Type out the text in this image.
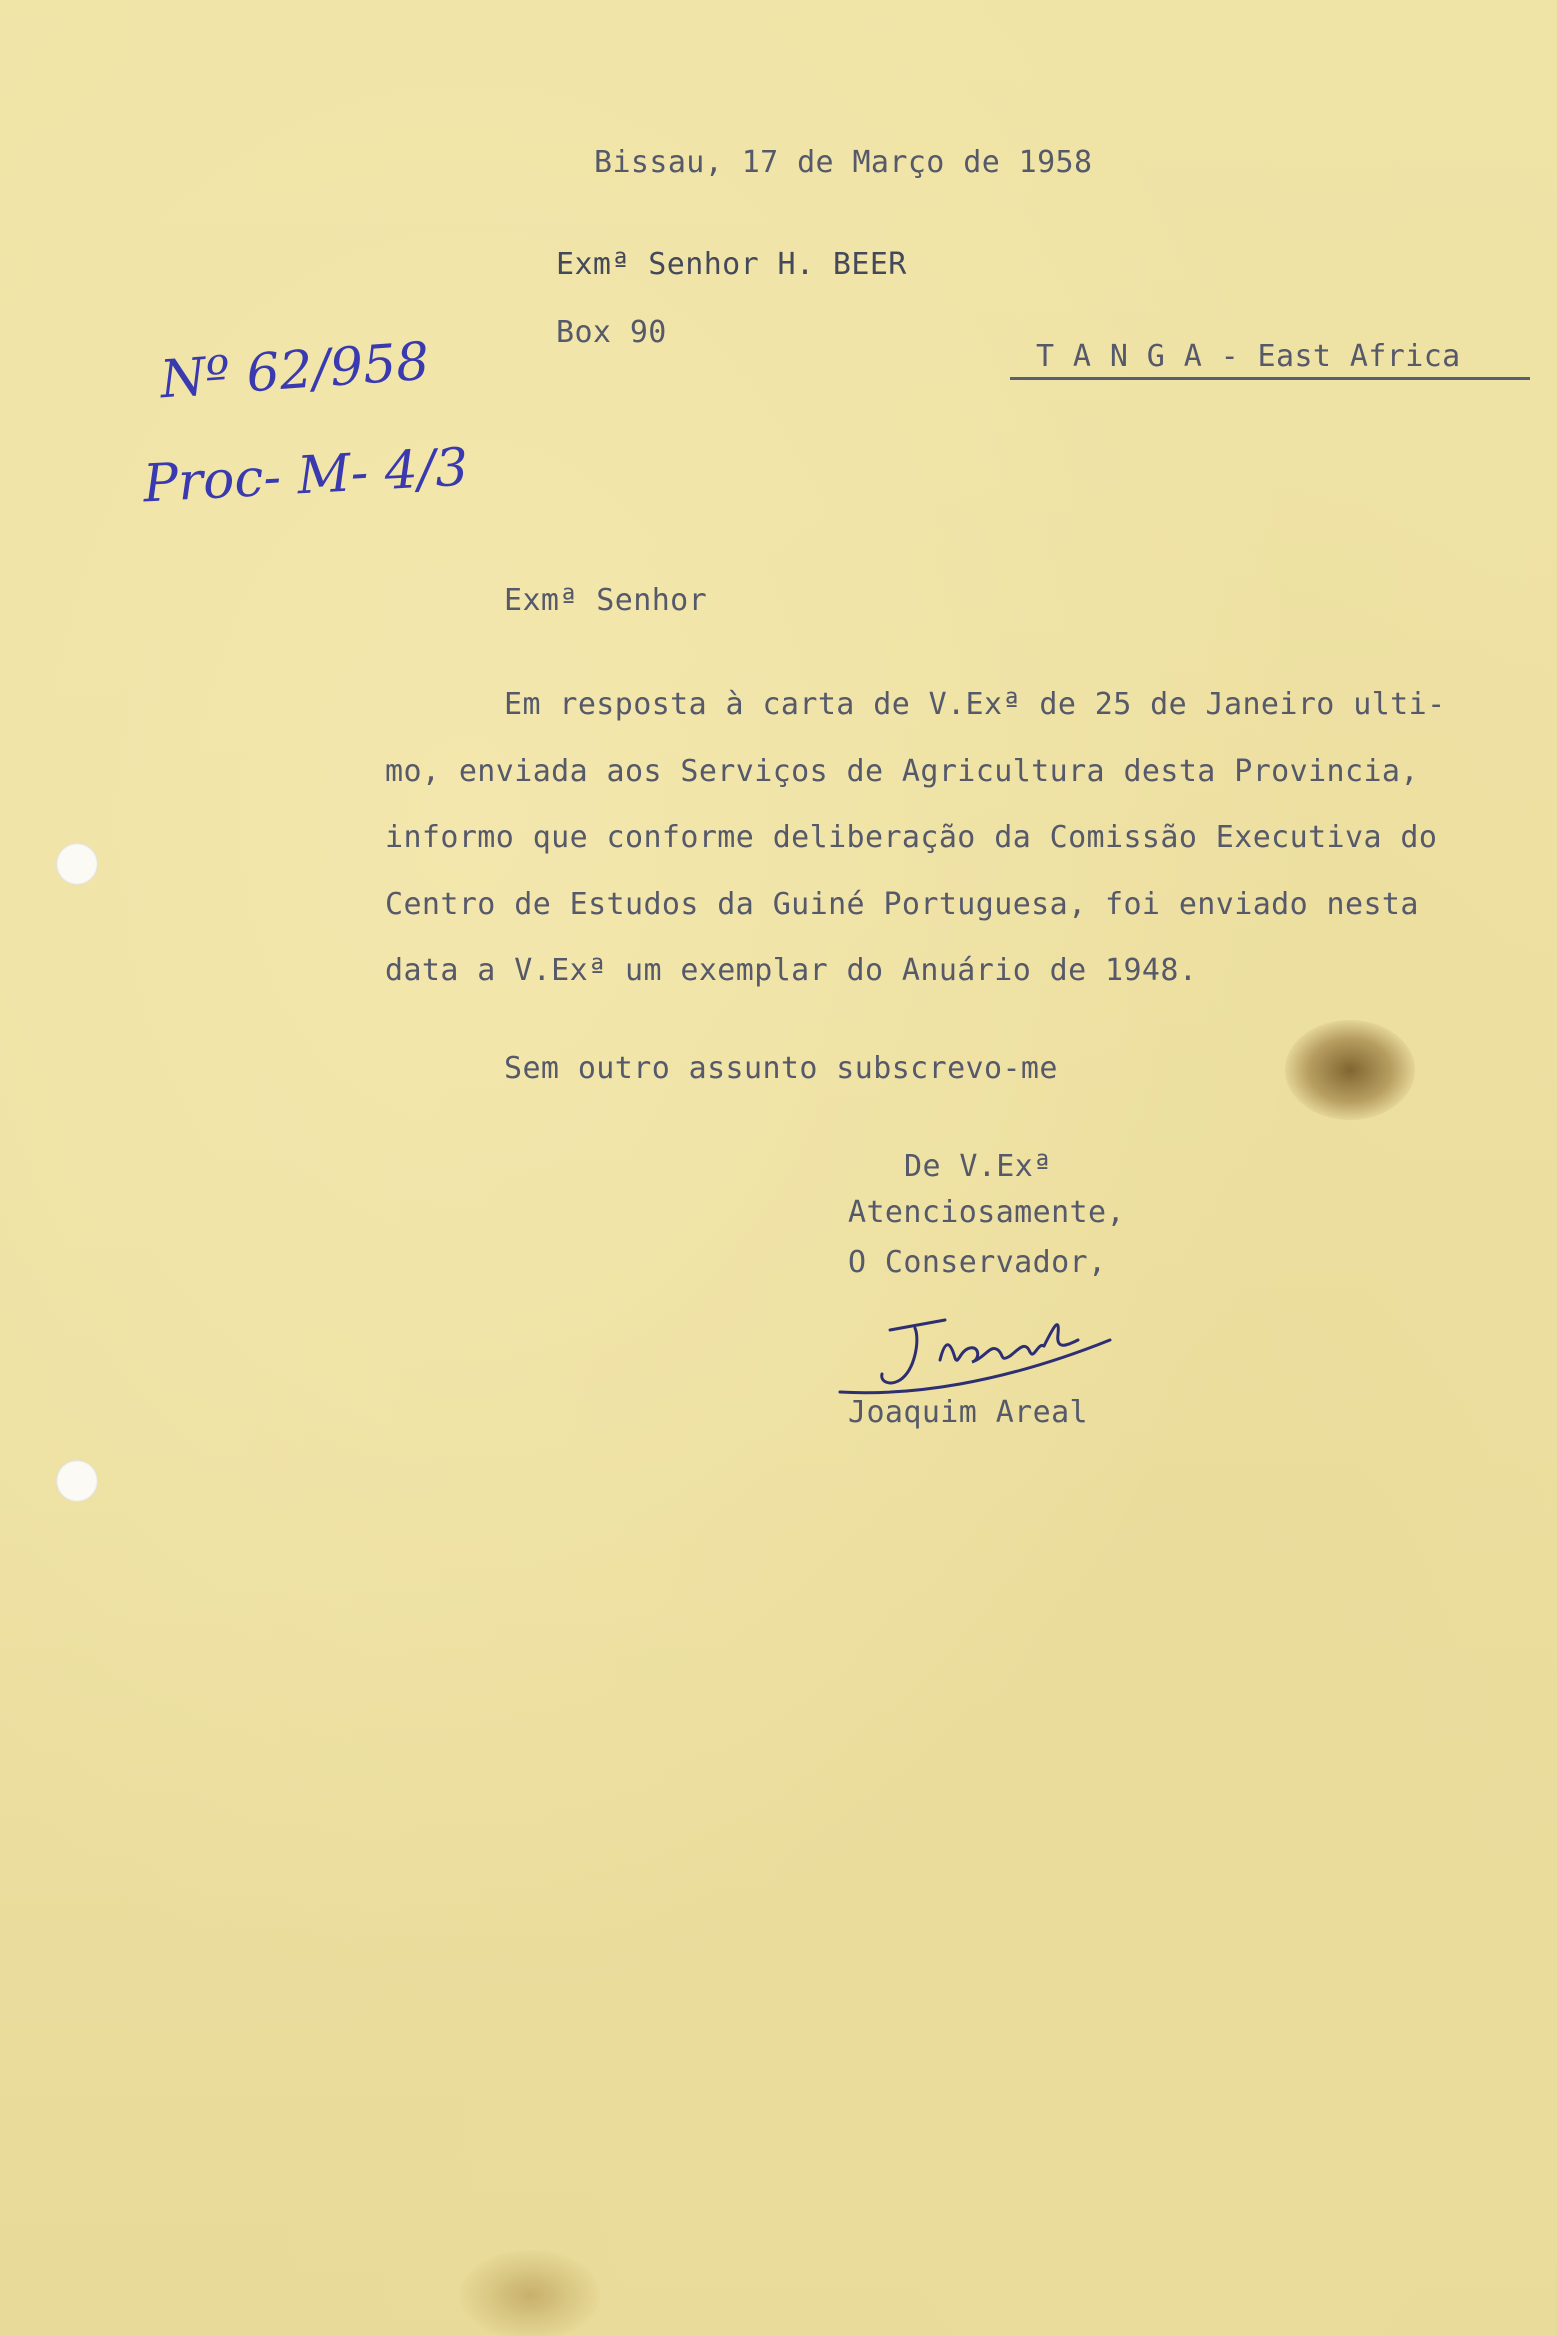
Bissau, 17 de Março de 1958
Exmª Senhor H. BEER
Box 90
T A N G A - East Africa
Nº 62/958
Proc- M- 4/3
Exmª Senhor
Em resposta à carta de V.Exª de 25 de Janeiro ulti-
mo, enviada aos Serviços de Agricultura desta Provincia,
informo que conforme deliberação da Comissão Executiva do
Centro de Estudos da Guiné Portuguesa, foi enviado nesta
data a V.Exª um exemplar do Anuário de 1948.
Sem outro assunto subscrevo-me
De V.Exª
Atenciosamente,
O Conservador,
Joaquim Areal
